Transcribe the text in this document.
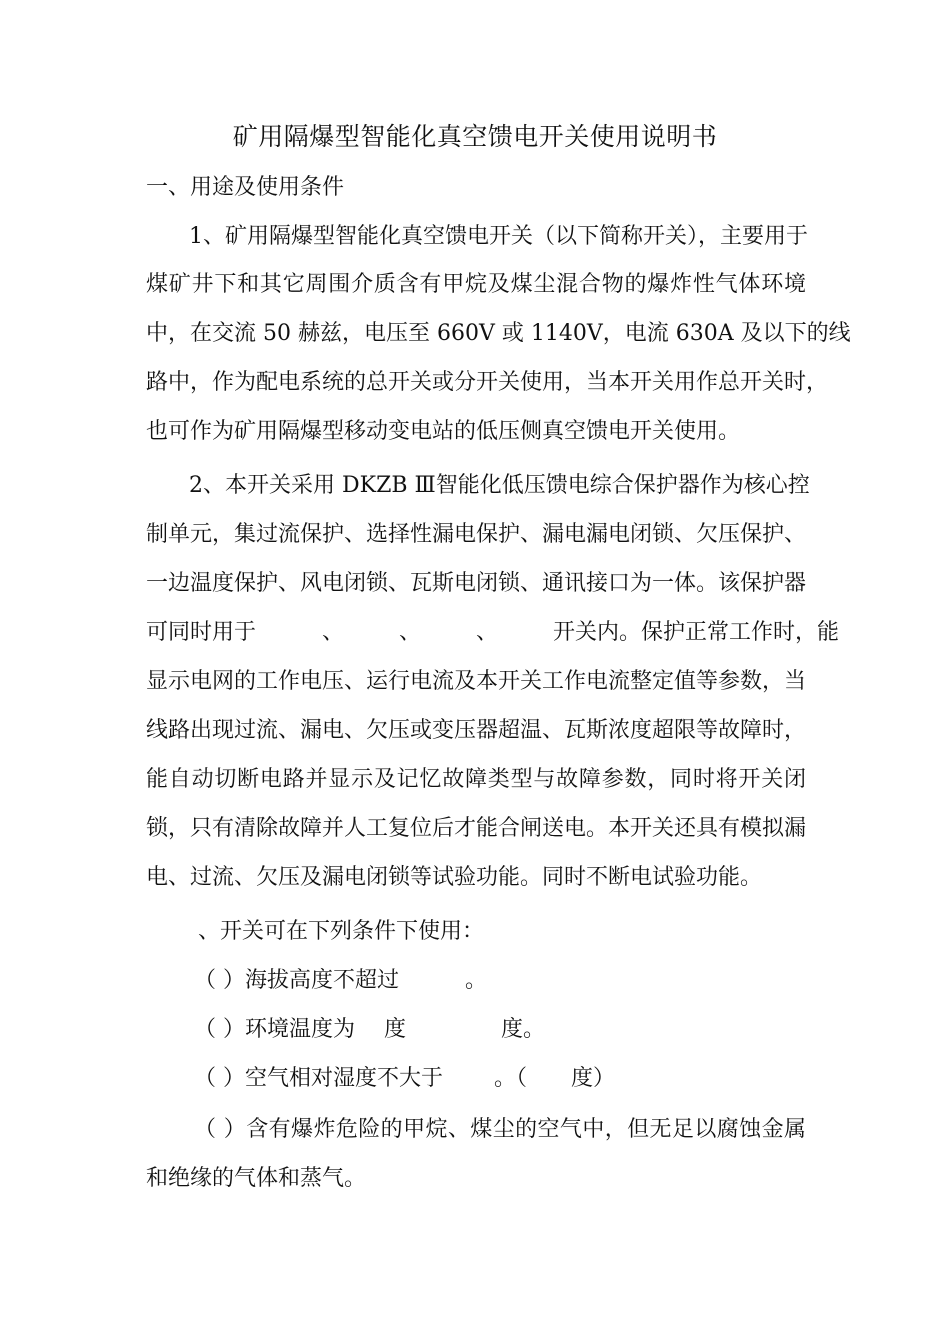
矿用隔爆型智能化真空馈电开关使用说明书
一、用途及使用条件
1、矿用隔爆型智能化真空馈电开关（以下简称开关），主要用于
煤矿井下和其它周围介质含有甲烷及煤尘混合物的爆炸性气体环境
中，在交流 50 赫兹，电压至 660V 或 1140V，电流 630A 及以下的线
路中，作为配电系统的总开关或分开关使用，当本开关用作总开关时，
也可作为矿用隔爆型移动变电站的低压侧真空馈电开关使用。
2、本开关采用 DKZB Ⅲ智能化低压馈电综合保护器作为核心控
制单元，集过流保护、选择性漏电保护、漏电漏电闭锁、欠压保护、
一边温度保护、风电闭锁、瓦斯电闭锁、通讯接口为一体。该保护器
可同时用于　　　、　　　、　　　、　　　开关内。保护正常工作时，能
显示电网的工作电压、运行电流及本开关工作电流整定值等参数，当
线路出现过流、漏电、欠压或变压器超温、瓦斯浓度超限等故障时，
能自动切断电路并显示及记忆故障类型与故障参数，同时将开关闭
锁，只有清除故障并人工复位后才能合闸送电。本开关还具有模拟漏
电、过流、欠压及漏电闭锁等试验功能。同时不断电试验功能。
、开关可在下列条件下使用：
（ ）海拔高度不超过　　　。
（ ）环境温度为　 度　　　　 度。
（ ）空气相对湿度不大于　　 。（　　度）
（ ）含有爆炸危险的甲烷、煤尘的空气中，但无足以腐蚀金属
和绝缘的气体和蒸气。
